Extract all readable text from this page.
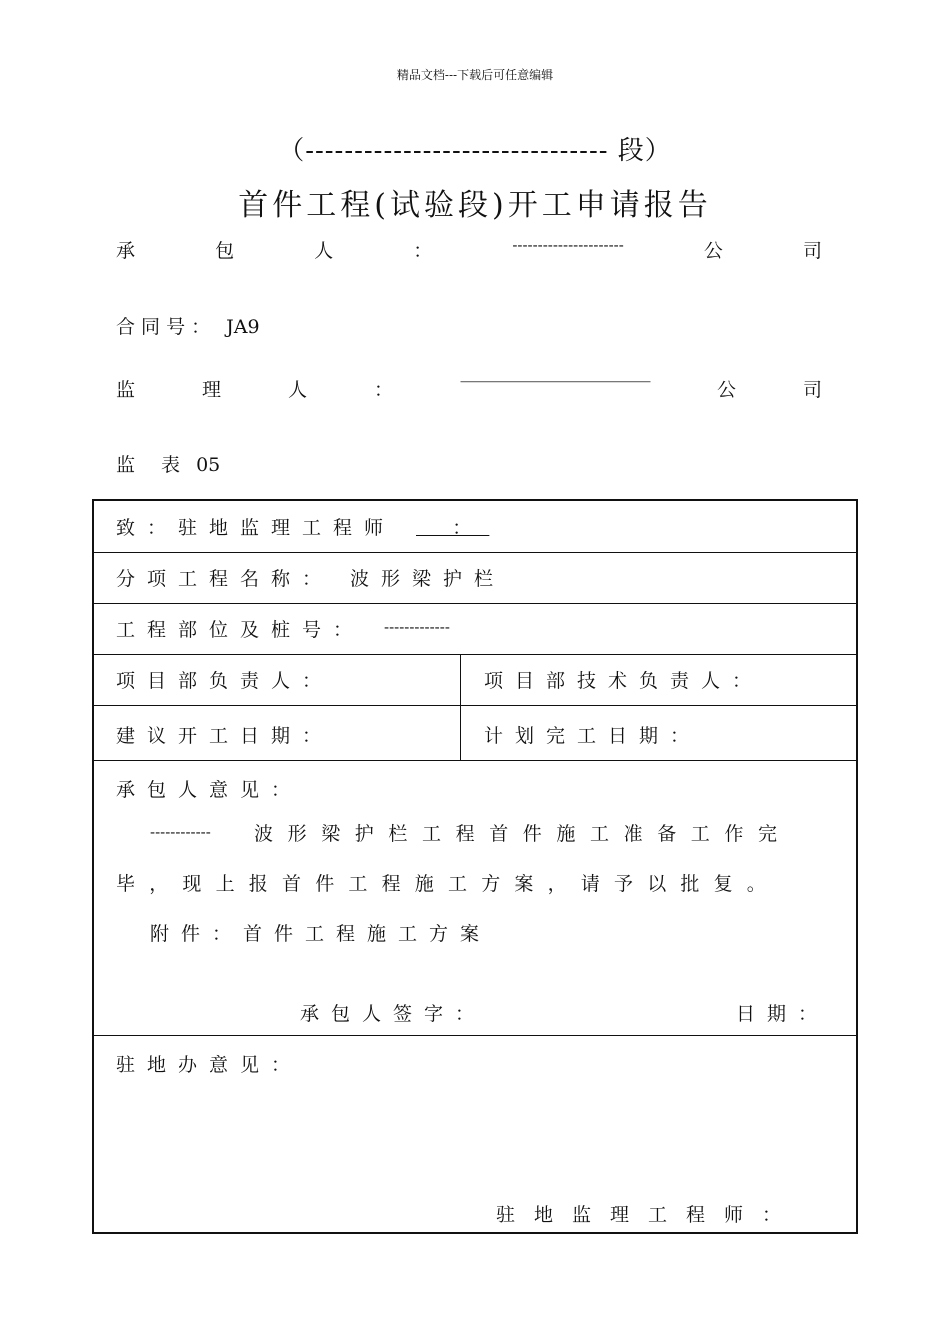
精品文档---下载后可任意编辑
（------------------------------- 段）
首件工程(试验段)开工申请报告
承	包	人	：	----------------------	公	司
合 同 号 ： JA9
监	理	人	：	———————————————————	公	司
监 表 05
致：驻地监理工程师 ：
分项工程名称： 波形梁护栏
工程部位及桩号： -------------
项目部负责人：	项目部技术负责人：
建议开工日期：	计划完工日期：
承包人意见：
------------ 波形梁护栏工程首件施工准备工作完
毕，现上报首件工程施工方案，请予以批复。
附件：首件工程施工方案
承包人签字：	日期：
驻地办意见：
驻地监理工程师：
